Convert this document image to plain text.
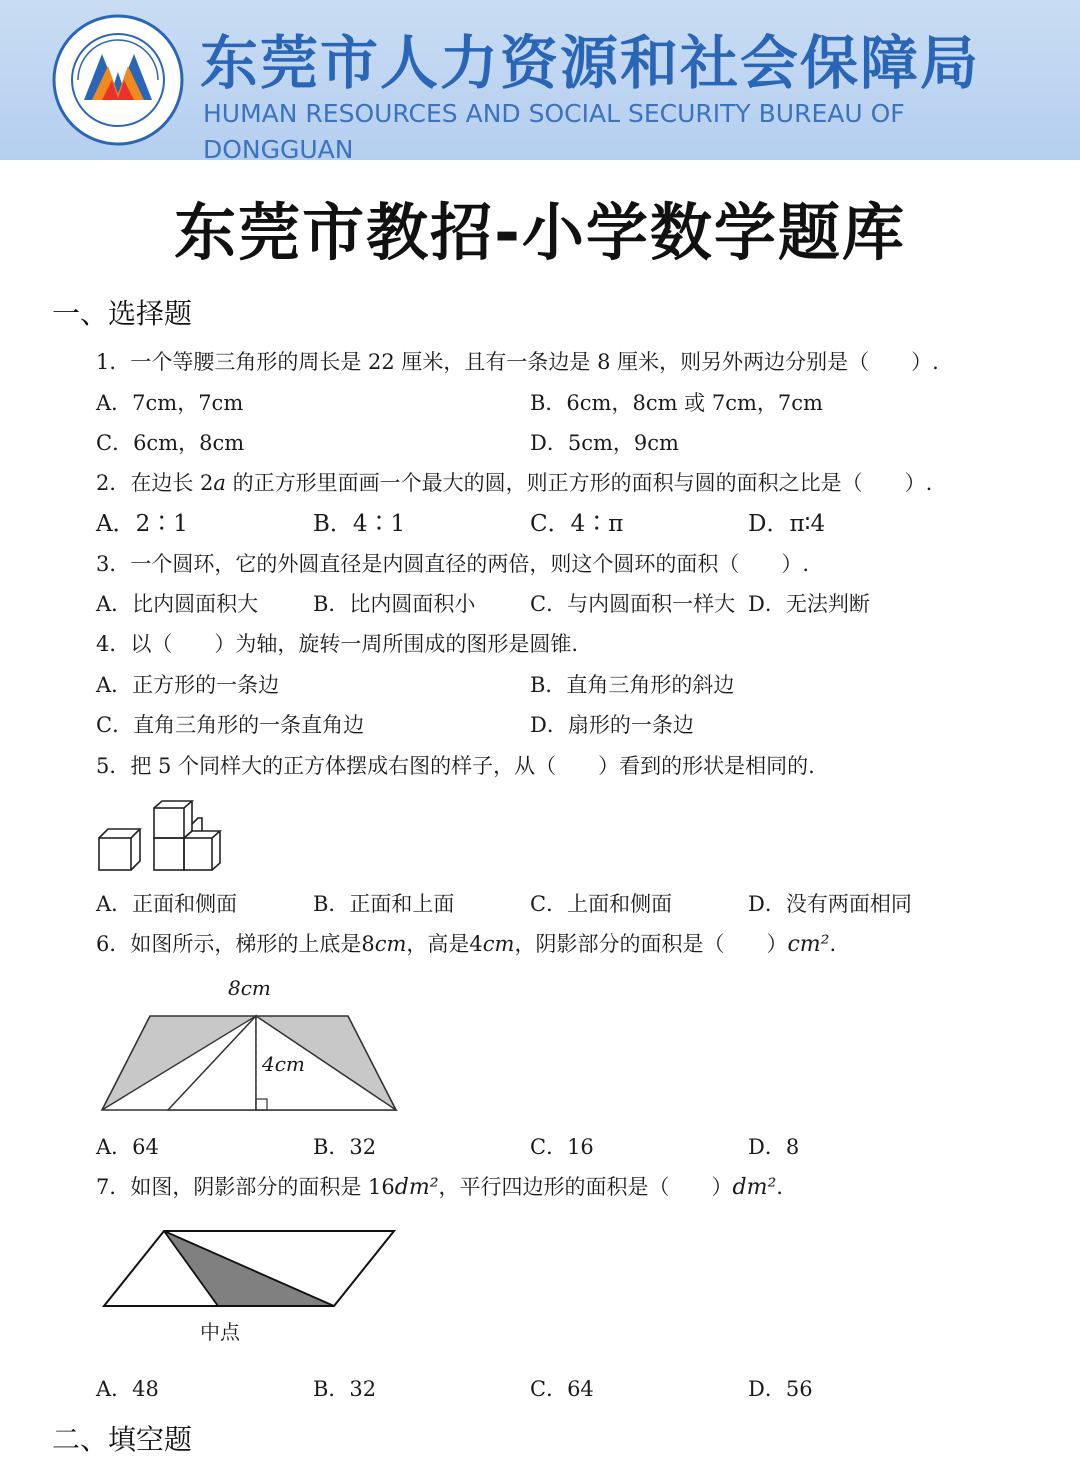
东莞市人力资源和社会保障局
HUMAN RESOURCES AND SOCIAL SECURITY BUREAU OF DONGGUAN
东莞市教招-小学数学题库
一、选择题
1．一个等腰三角形的周长是 22 厘米，且有一条边是 8 厘米，则另外两边分别是（　　）.
A．7cm，7cm	B．6cm，8cm 或 7cm，7cm
C．6cm，8cm	D．5cm，9cm
2．在边长 2a 的正方形里面画一个最大的圆，则正方形的面积与圆的面积之比是（　　）.
A．2∶1	B．4∶1	C．4∶π	D．π∶4
3．一个圆环，它的外圆直径是内圆直径的两倍，则这个圆环的面积（　　）.
A．比内圆面积大	B．比内圆面积小	C．与内圆面积一样大 D．无法判断
4．以（　　）为轴，旋转一周所围成的图形是圆锥.
A．正方形的一条边	B．直角三角形的斜边
C．直角三角形的一条直角边	D．扇形的一条边
5．把 5 个同样大的正方体摆成右图的样子，从（　　）看到的形状是相同的.
A．正面和侧面	B．正面和上面	C．上面和侧面	D．没有两面相同
6．如图所示，梯形的上底是8cm，高是4cm，阴影部分的面积是（　　）cm².
8cm
4cm
A．64	B．32	C．16	D．8
7．如图，阴影部分的面积是 16dm²，平行四边形的面积是（　　）dm².
中点
A．48	B．32	C．64	D．56
二、填空题
